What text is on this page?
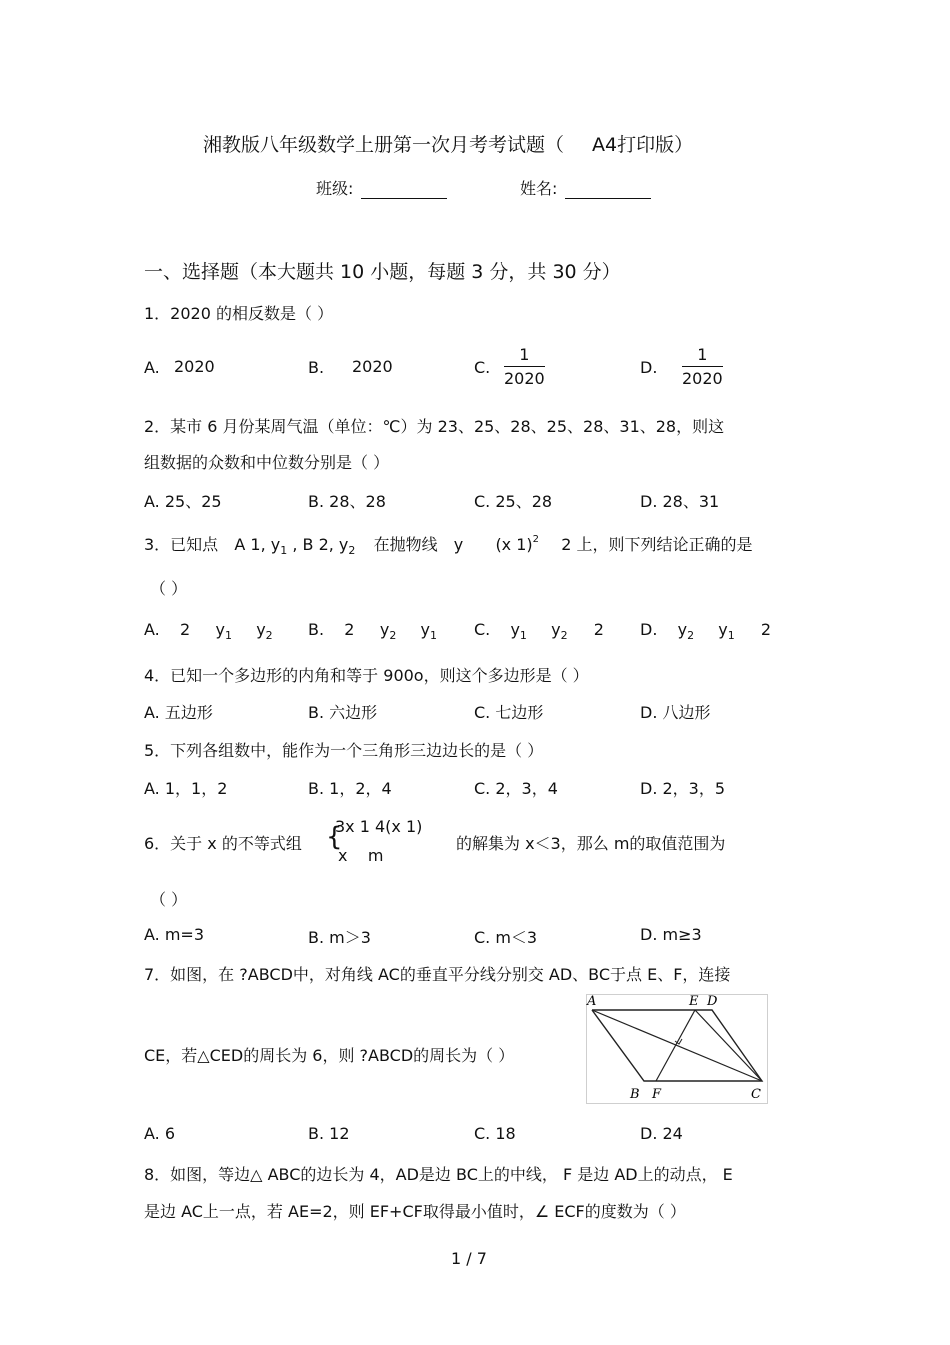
湘教版八年级数学上册第一次月考考试题（ A4打印版）
班级:	姓名:
一、选择题（本大题共 10 小题，每题 3 分，共 30 分）
1．2020 的相反数是（ ）
A. 2020	B. 2020	C. $\frac{1}{2020}$	D. $\frac{1}{2020}$
2．某市 6 月份某周气温（单位：℃）为 23、25、28、25、28、31、28，则这
组数据的众数和中位数分别是（ ）
A. 25、25	B. 28、28	C. 25、28	D. 28、31
3．已知点 A 1, $y_1$ , B 2, $y_2$ 在抛物线 y (x 1)$^2$ 2 上，则下列结论正确的是
（ ）
A. 2     $y_1$ $y_2$ B. 2     $y_2$ $y_1$ C. $y_1$ $y_2$ 2 D. $y_2$ $y_1$ 2
4．已知一个多边形的内角和等于 900o，则这个多边形是（ ）
A. 五边形	B. 六边形	C. 七边形	D. 八边形
5．下列各组数中，能作为一个三角形三边边长的是（ ）
A. 1，1，2	B. 1，2，4	C. 2，3，4	D. 2，3，5
6．关于 x 的不等式组 {
3x 1 4(x 1)
x    m
的解集为 x＜3，那么 m的取值范围为
（ ）
A. m=3	B. m＞3	C. m＜3	D. m≥3
7．如图，在 ?ABCD中，对角线 AC的垂直平分线分别交 AD、BC于点 E、F，连接
CE，若△CED的周长为 6，则 ?ABCD的周长为（ ）
A	E D
B F	C
A. 6	B. 12	C. 18	D. 24
8．如图，等边△ ABC的边长为 4，AD是边 BC上的中线， F 是边 AD上的动点， E
是边 AC上一点，若 AE=2，则 EF+CF取得最小值时，∠ ECF的度数为（ ）
1 / 7
